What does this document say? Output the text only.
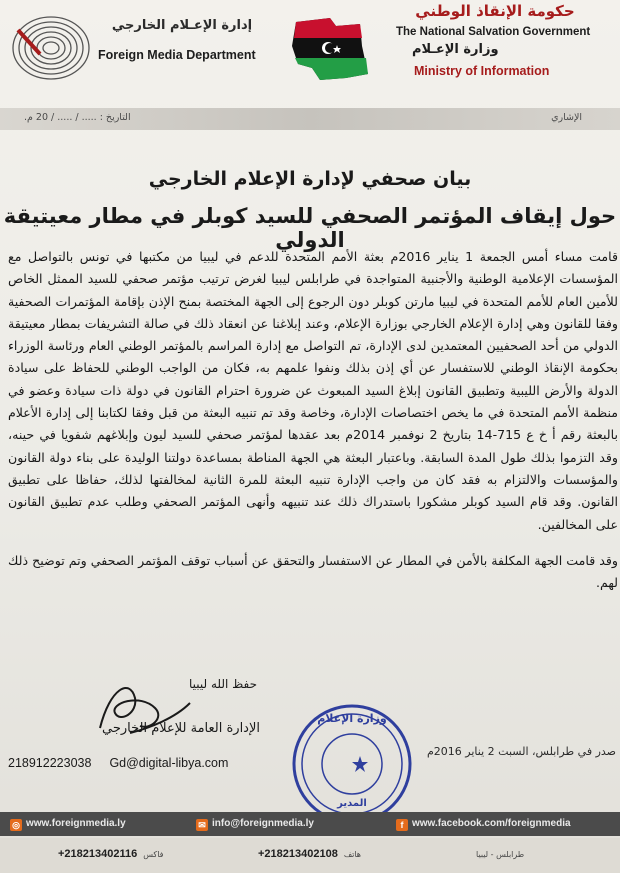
إدارة الإعـلام الخارجي
Foreign Media Department
حكومة الإنقاذ الوطني
The National Salvation Government
وزارة الإعـلام
Ministry of Information
التاريخ : ..... / ..... / 20 م.	الإشاري
بيان صحفي لإدارة الإعلام الخارجي
حول إيقاف المؤتمر الصحفي للسيد كوبلر في مطار معيتيقة الدولي

قامت مساء أمس الجمعة 1 يناير 2016م بعثة الأمم المتحدة للدعم في ليبيا من مكتبها في تونس بالتواصل مع المؤسسات الإعلامية الوطنية والأجنبية المتواجدة في طرابلس ليبيا لغرض ترتيب مؤتمر صحفي للسيد الممثل الخاص للأمين العام للأمم المتحدة في ليبيا مارتن كوبلر دون الرجوع إلى الجهة المختصة بمنح الإذن بإقامة المؤتمرات الصحفية وفقا للقانون وهي إدارة الإعلام الخارجي بوزارة الإعلام، وعند إبلاغنا عن انعقاد ذلك في صالة التشريفات بمطار معيتيقة الدولي من أحد الصحفيين المعتمدين لدى الإدارة، تم التواصل مع إدارة المراسم بالمؤتمر الوطني العام ورئاسة الوزراء بحكومة الإنقاذ الوطني للاستفسار عن أي إذن بذلك ونفوا علمهم به، فكان من الواجب الوطني للحفاظ على سيادة الدولة والأرض الليبية وتطبيق القانون إبلاغ السيد المبعوث عن ضرورة احترام القانون في دولة ذات سيادة وعضو في منظمة الأمم المتحدة في ما يخص اختصاصات الإدارة، وخاصة وقد تم تنبيه البعثة من قبل وفقا لكتابنا إلى إدارة الأعلام بالبعثة رقم أ خ ع 715-14 بتاريخ 2 نوفمبر 2014م بعد عقدها لمؤتمر صحفي للسيد ليون وإبلاغهم شفويا في حينه، وقد التزموا بذلك طول المدة السابقة. وباعتبار البعثة هي الجهة المناطة بمساعدة دولتنا الوليدة على بناء دولة القانون والمؤسسات والالتزام به فقد كان من واجب الإدارة تنبيه البعثة للمرة الثانية لمخالفتها لذلك، حفاظا على تطبيق القانون. وقد قام السيد كوبلر مشكورا باستدراك ذلك عند تنبيهه وأنهى المؤتمر الصحفي وطلب عدم تطبيق القانون على المخالفين.

وقد قامت الجهة المكلفة بالأمن في المطار عن الاستفسار والتحقق عن أسباب توقف المؤتمر الصحفي وتم توضيح ذلك لهم.

حفظ الله ليبيا
الإدارة العامة للإعلام الخارجي
218912223038 Gd@digital-libya.com
صدر في طرابلس، السبت 2 يناير 2016م
وزارة الإعلام
المدير
◎ www.foreignmedia.ly	✉ info@foreignmedia.ly	f www.facebook.com/foreignmedia
+218213402116 فاكس	+218213402108 هاتف	طرابلس - ليبيا
